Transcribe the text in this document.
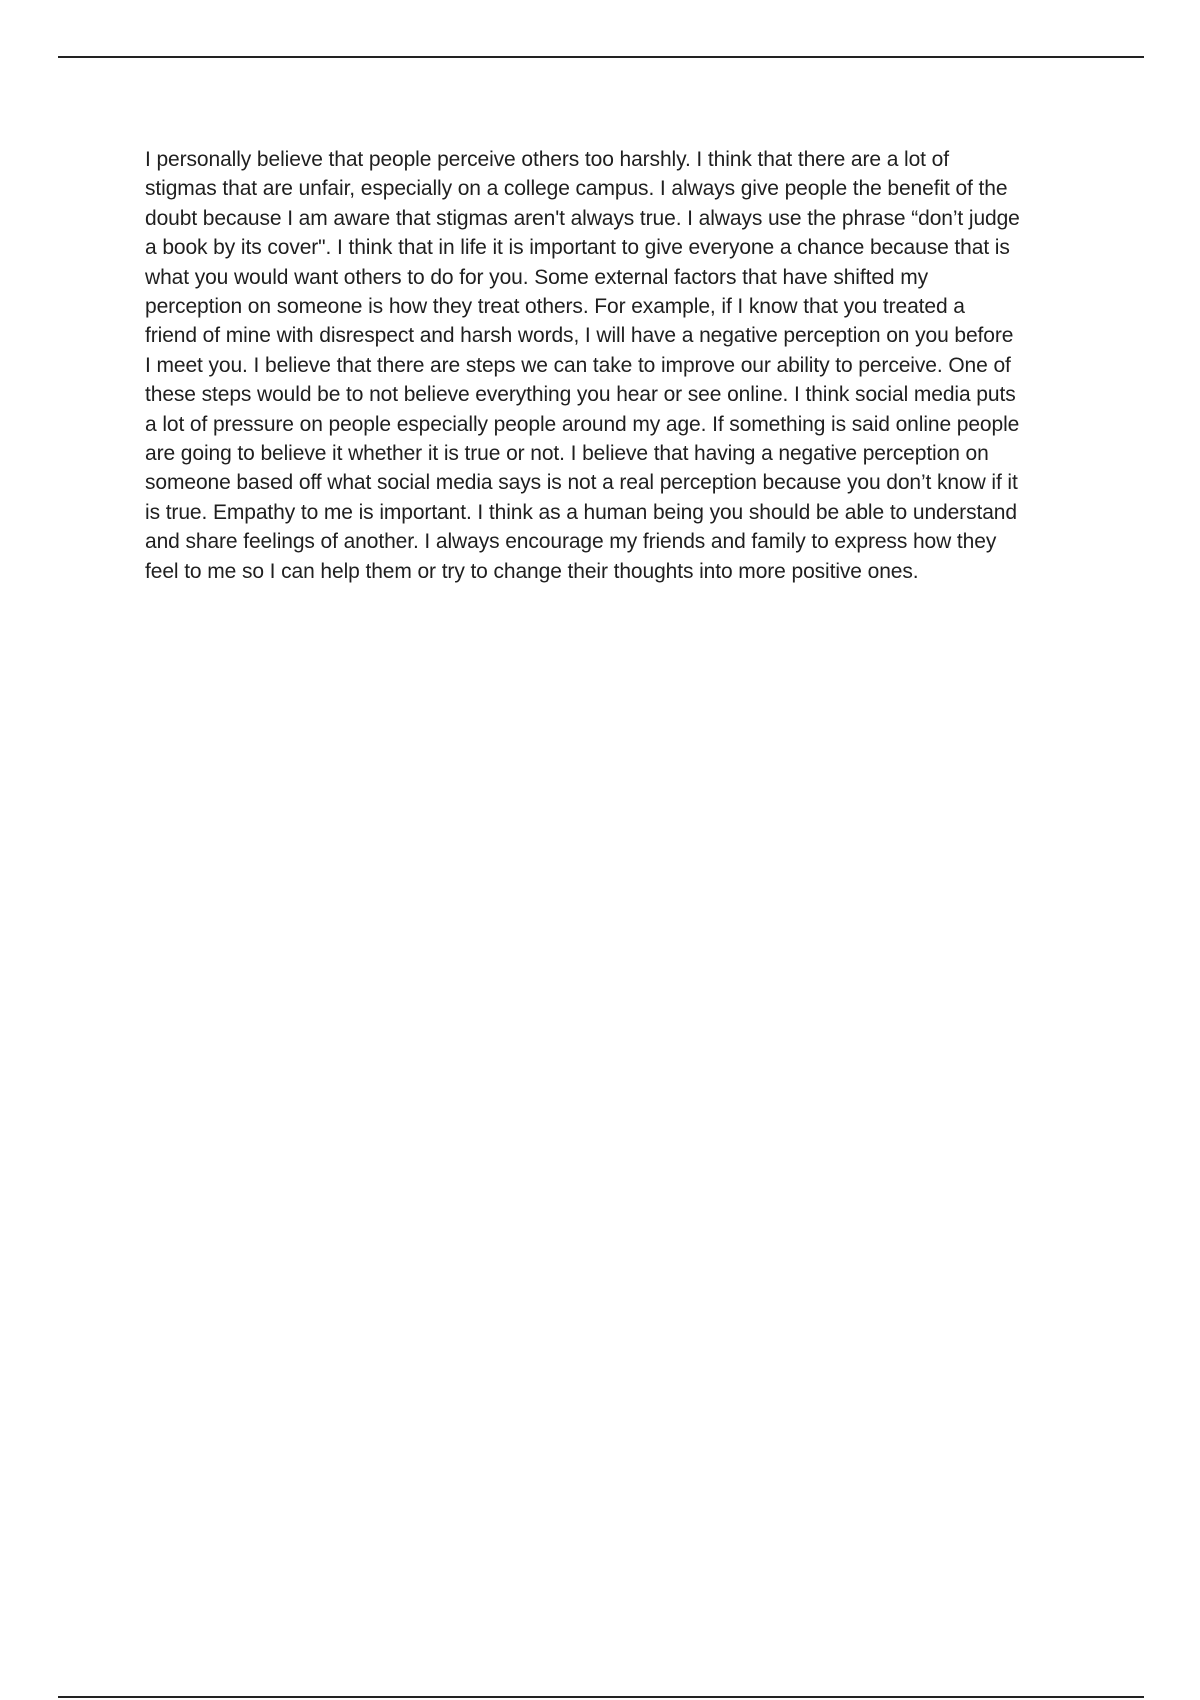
I personally believe that people perceive others too harshly. I think that there are a lot of
stigmas that are unfair, especially on a college campus. I always give people the benefit of the
doubt because I am aware that stigmas aren't always true. I always use the phrase “don’t judge
a book by its cover". I think that in life it is important to give everyone a chance because that is
what you would want others to do for you. Some external factors that have shifted my
perception on someone is how they treat others. For example, if I know that you treated a
friend of mine with disrespect and harsh words, I will have a negative perception on you before
I meet you. I believe that there are steps we can take to improve our ability to perceive. One of
these steps would be to not believe everything you hear or see online. I think social media puts
a lot of pressure on people especially people around my age. If something is said online people
are going to believe it whether it is true or not. I believe that having a negative perception on
someone based off what social media says is not a real perception because you don’t know if it
is true. Empathy to me is important. I think as a human being you should be able to understand
and share feelings of another. I always encourage my friends and family to express how they
feel to me so I can help them or try to change their thoughts into more positive ones.
